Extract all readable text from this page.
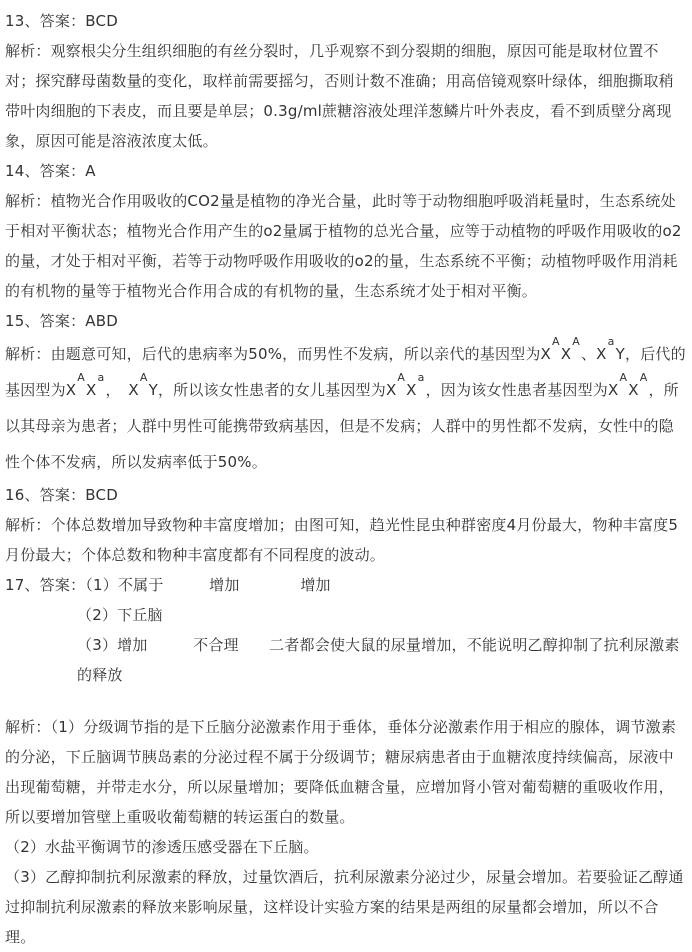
13、答案：BCD

解析：观察根尖分生组织细胞的有丝分裂时，几乎观察不到分裂期的细胞，原因可能是取材位置不对；探究酵母菌数量的变化，取样前需要摇匀，否则计数不准确；用高倍镜观察叶绿体，细胞撕取稍带叶肉细胞的下表皮，而且要是单层；0.3g/ml蔗糖溶液处理洋葱鳞片叶外表皮，看不到质壁分离现象，原因可能是溶液浓度太低。

14、答案：A

解析：植物光合作用吸收的CO2量是植物的净光合量，此时等于动物细胞呼吸消耗量时，生态系统处于相对平衡状态；植物光合作用产生的o2量属于植物的总光合量，应等于动植物的呼吸作用吸收的o2的量，才处于相对平衡，若等于动物呼吸作用吸收的o2的量，生态系统不平衡；动植物呼吸作用消耗的有机物的量等于植物光合作用合成的有机物的量，生态系统才处于相对平衡。

15、答案：ABD

解析：由题意可知，后代的患病率为50%，而男性不发病，所以亲代的基因型为$X^AX^A$、$X^aY$，后代的基因型为$X^AX^a$，　$X^AY$，所以该女性患者的女儿基因型为$X^AX^a$，因为该女性患者基因型为$X^AX^A$，所以其母亲为患者；人群中男性可能携带致病基因，但是不发病；人群中的男性都不发病，女性中的隐性个体不发病，所以发病率低于50%。

16、答案：BCD

解析：个体总数增加导致物种丰富度增加；由图可知，趋光性昆虫种群密度4月份最大，物种丰富度5月份最大；个体总数和物种丰富度都有不同程度的波动。

17、答案：（1）不属于　　　增加　　　　增加

（2）下丘脑

（3）增加　　　不合理　　二者都会使大鼠的尿量增加，不能说明乙醇抑制了抗利尿激素的释放

解析：（1）分级调节指的是下丘脑分泌激素作用于垂体，垂体分泌激素作用于相应的腺体，调节激素的分泌，下丘脑调节胰岛素的分泌过程不属于分级调节；糖尿病患者由于血糖浓度持续偏高，尿液中出现葡萄糖，并带走水分，所以尿量增加；要降低血糖含量，应增加肾小管对葡萄糖的重吸收作用，所以要增加管壁上重吸收葡萄糖的转运蛋白的数量。

（2）水盐平衡调节的渗透压感受器在下丘脑。

（3）乙醇抑制抗利尿激素的释放，过量饮酒后，抗利尿激素分泌过少，尿量会增加。若要验证乙醇通过抑制抗利尿激素的释放来影响尿量，这样设计实验方案的结果是两组的尿量都会增加，所以不合理。
